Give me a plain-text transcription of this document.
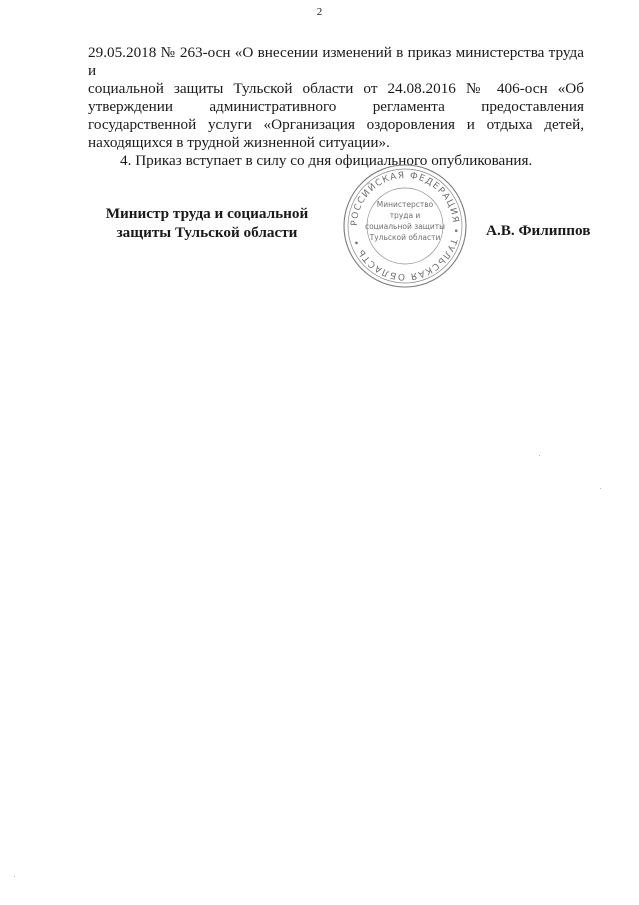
2

29.05.2018 № 263-осн «О внесении изменений в приказ министерства труда и

социальной защиты Тульской области от 24.08.2016 № 406-осн «Об

утверждении административного регламента предоставления

государственной услуги «Организация оздоровления и отдыха детей,

находящихся в трудной жизненной ситуации».

4. Приказ вступает в силу со дня официального опубликования.

Министр труда и социальной
защиты Тульской области
РОССИЙСКАЯ ФЕДЕРАЦИЯ • ТУЛЬСКАЯ ОБЛАСТЬ •
Министерство
труда и
социальной защиты
Тульской области	А.В. Филиппов
